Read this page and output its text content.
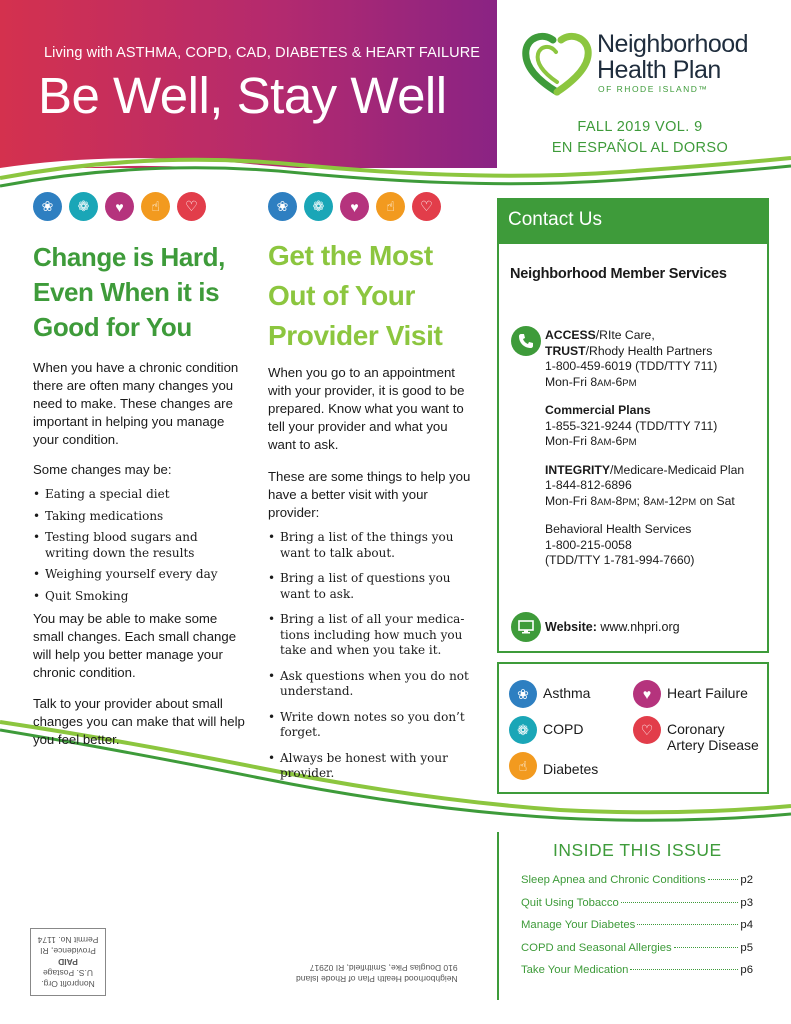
Living with ASTHMA, COPD, CAD, DIABETES & HEART FAILURE
Be Well, Stay Well
Neighborhood
Health Plan
OF RHODE ISLAND™
FALL 2019 VOL. 9
EN ESPAÑOL AL DORSO
❀	❁	♥	☝	♡	❀	❁	♥	☝	♡
Change is Hard, Even When it is Good for You

When you have a chronic condition there are often many changes you need to make. These changes are important in helping you manage your condition.

Some changes may be:

• Eating a special diet
• Taking medications
• Testing blood sugars and writing down the results
• Weighing yourself every day
• Quit Smoking

You may be able to make some small changes. Each small change will help you better manage your chronic condition.

Talk to your provider about small changes you can make that will help you feel better.

Get the Most Out of Your Provider Visit

When you go to an appointment with your provider, it is good to be prepared. Know what you want to tell your provider and what you want to ask.

These are some things to help you have a better visit with your provider:

• Bring a list of the things you want to talk about.
• Bring a list of questions you want to ask.
• Bring a list of all your medica-tions including how much you take and when you take it.
• Ask questions when you do not understand.
• Write down notes so you don’t forget.
• Always be honest with your provider.
Contact Us
Neighborhood Member Services
ACCESS/RIte Care,
TRUST/Rhody Health Partners
1-800-459-6019 (TDD/TTY 711)
Mon-Fri 8AM-6PM
Commercial Plans
1-855-321-9244 (TDD/TTY 711)
Mon-Fri 8AM-6PM
INTEGRITY/Medicare-Medicaid Plan
1-844-812-6896
Mon-Fri 8AM-8PM; 8AM-12PM on Sat
Behavioral Health Services
1-800-215-0058
(TDD/TTY 1-781-994-7660)
Website:
www.nhpri.org
❀	Asthma
❁	COPD
☝	Diabetes
♥	Heart Failure
♡ Coronary
Artery Disease
INSIDE THIS ISSUE
Sleep Apnea and Chronic Conditions	p2
Quit Using Tobacco	p3
Manage Your Diabetes	p4
COPD and Seasonal Allergies	p5
Take Your Medication	p6
Nonprofit Org.
U.S. Postage
PAID
Providence, RI
Permit No. 1174
Neighborhood Health Plan of Rhode Island
910 Douglas Pike, Smithfield, RI 02917
